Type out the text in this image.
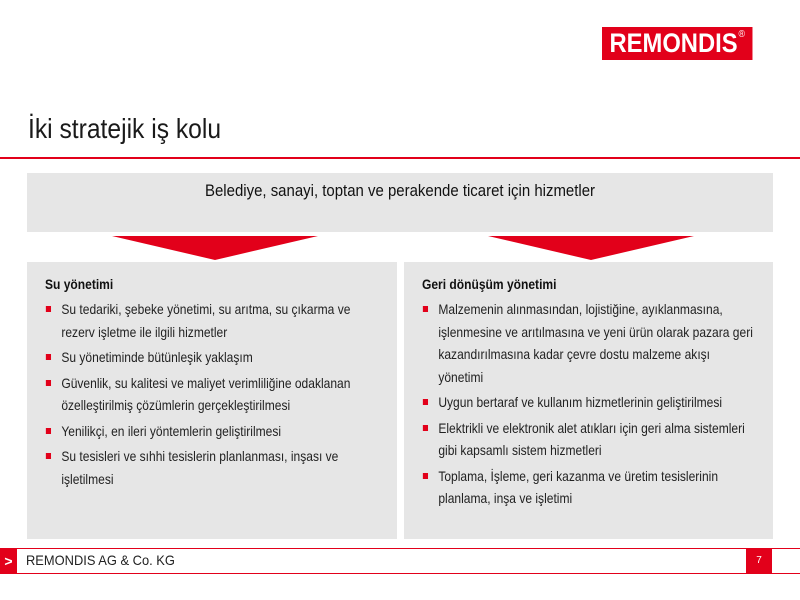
REMONDIS ®
İki stratejik iş kolu
Belediye, sanayi, toptan ve perakende ticaret için hizmetler
Su yönetimi
Su tedariki, şebeke yönetimi, su arıtma, su çıkarma ve rezerv işletme ile ilgili hizmetler
Su yönetiminde bütünleşik yaklaşım
Güvenlik, su kalitesi ve maliyet verimliliğine odaklanan özelleştirilmiş çözümlerin gerçekleştirilmesi
Yenilikçi, en ileri yöntemlerin geliştirilmesi
Su tesisleri ve sıhhi tesislerin planlanması, inşası ve işletilmesi
Geri dönüşüm yönetimi
Malzemenin alınmasından, lojistiğine, ayıklanmasına, işlenmesine ve arıtılmasına ve yeni ürün olarak pazara geri kazandırılmasına kadar çevre dostu malzeme akışı yönetimi
Uygun bertaraf ve kullanım hizmetlerinin geliştirilmesi
Elektrikli ve elektronik alet atıkları için geri alma sistemleri gibi kapsamlı sistem hizmetleri
Toplama, İşleme, geri kazanma ve üretim tesislerinin planlama, inşa ve işletimi
> REMONDIS AG & Co. KG	7
